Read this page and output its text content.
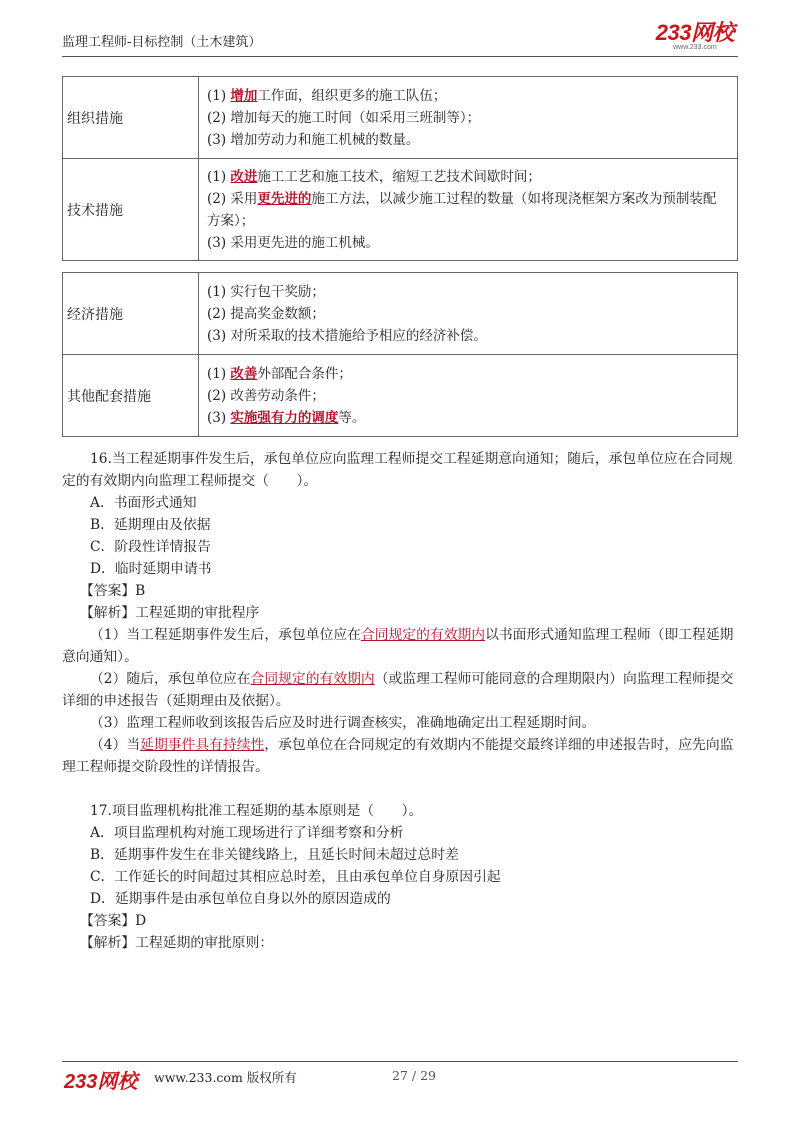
监理工程师-目标控制（土木建筑）	233网校
www.233.com
组织措施	(1) 增加工作面，组织更多的施工队伍；
(2) 增加每天的施工时间（如采用三班制等）；
(3) 增加劳动力和施工机械的数量。

技术措施	(1) 改进施工工艺和施工技术，缩短工艺技术间歇时间；
(2) 采用更先进的施工方法，以减少施工过程的数量（如将现浇框架方案改为预制装配方案）；
(3) 采用更先进的施工机械。
经济措施	(1) 实行包干奖励；
(2) 提高奖金数额；
(3) 对所采取的技术措施给予相应的经济补偿。

其他配套措施	(1) 改善外部配合条件；
(2) 改善劳动条件；
(3) 实施强有力的调度等。
16.当工程延期事件发生后，承包单位应向监理工程师提交工程延期意向通知；随后，承包单位应在合同规定的有效期内向监理工程师提交（　　）。
A．书面形式通知
B．延期理由及依据
C．阶段性详情报告
D．临时延期申请书
【答案】B
【解析】工程延期的审批程序
（1）当工程延期事件发生后，承包单位应在合同规定的有效期内以书面形式通知监理工程师（即工程延期意向通知）。
（2）随后，承包单位应在合同规定的有效期内（或监理工程师可能同意的合理期限内）向监理工程师提交详细的申述报告（延期理由及依据）。
（3）监理工程师收到该报告后应及时进行调查核实，准确地确定出工程延期时间。
（4）当延期事件具有持续性，承包单位在合同规定的有效期内不能提交最终详细的申述报告时，应先向监理工程师提交阶段性的详情报告。
17.项目监理机构批准工程延期的基本原则是（　　）。
A．项目监理机构对施工现场进行了详细考察和分析
B．延期事件发生在非关键线路上，且延长时间未超过总时差
C．工作延长的时间超过其相应总时差，且由承包单位自身原因引起
D．延期事件是由承包单位自身以外的原因造成的
【答案】D
【解析】工程延期的审批原则：
233网校 www.233.com 版权所有	27 / 29
